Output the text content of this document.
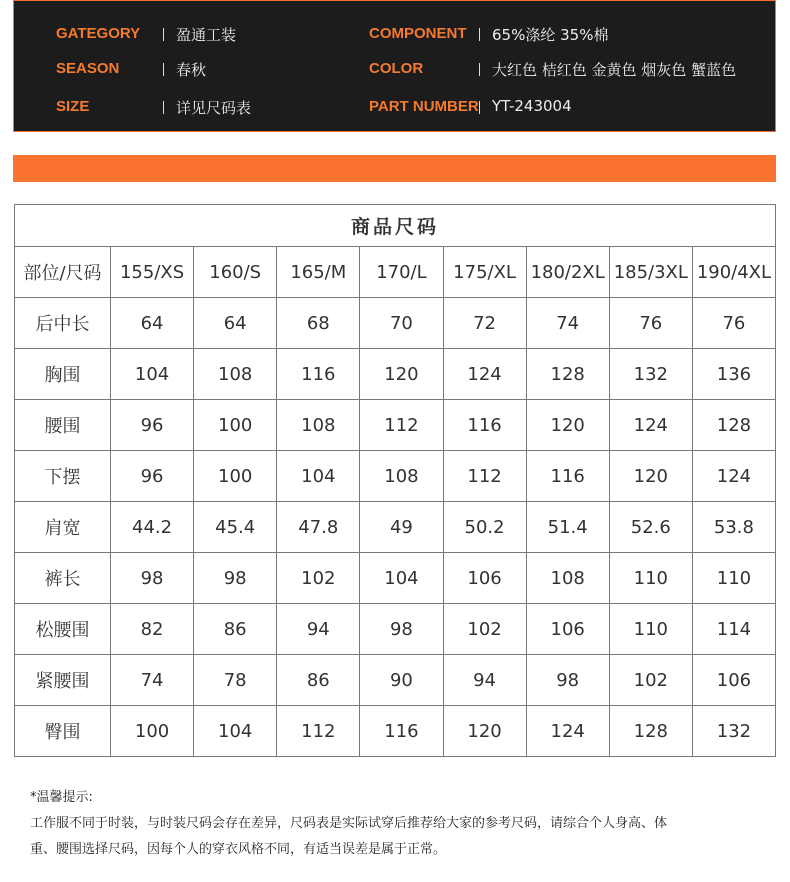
GATEGORY 盈通工装	COMPONENT 65%涤纶 35%棉
SEASON	春秋	COLOR	大红色 桔红色 金黄色 烟灰色 蟹蓝色
SIZE	详见尺码表	PART NUMBER YT-243004
商品尺码								
部位/尺码	155/XS	160/S	165/M	170/L	175/XL	180/2XL	185/3XL	190/4XL
后中长	64	64	68	70	72	74	76	76
胸围	104	108	116	120	124	128	132	136
腰围	96	100	108	112	116	120	124	128
下摆	96	100	104	108	112	116	120	124
肩宽	44.2	45.4	47.8	49	50.2	51.4	52.6	53.8
裤长	98	98	102	104	106	108	110	110
松腰围	82	86	94	98	102	106	110	114
紧腰围	74	78	86	90	94	98	102	106
臀围	100	104	112	116	120	124	128	132
*温馨提示:
工作服不同于时装，与时装尺码会存在差异，尺码表是实际试穿后推荐给大家的参考尺码，请综合个人身高、体
重、腰围选择尺码，因每个人的穿衣风格不同，有适当误差是属于正常。
